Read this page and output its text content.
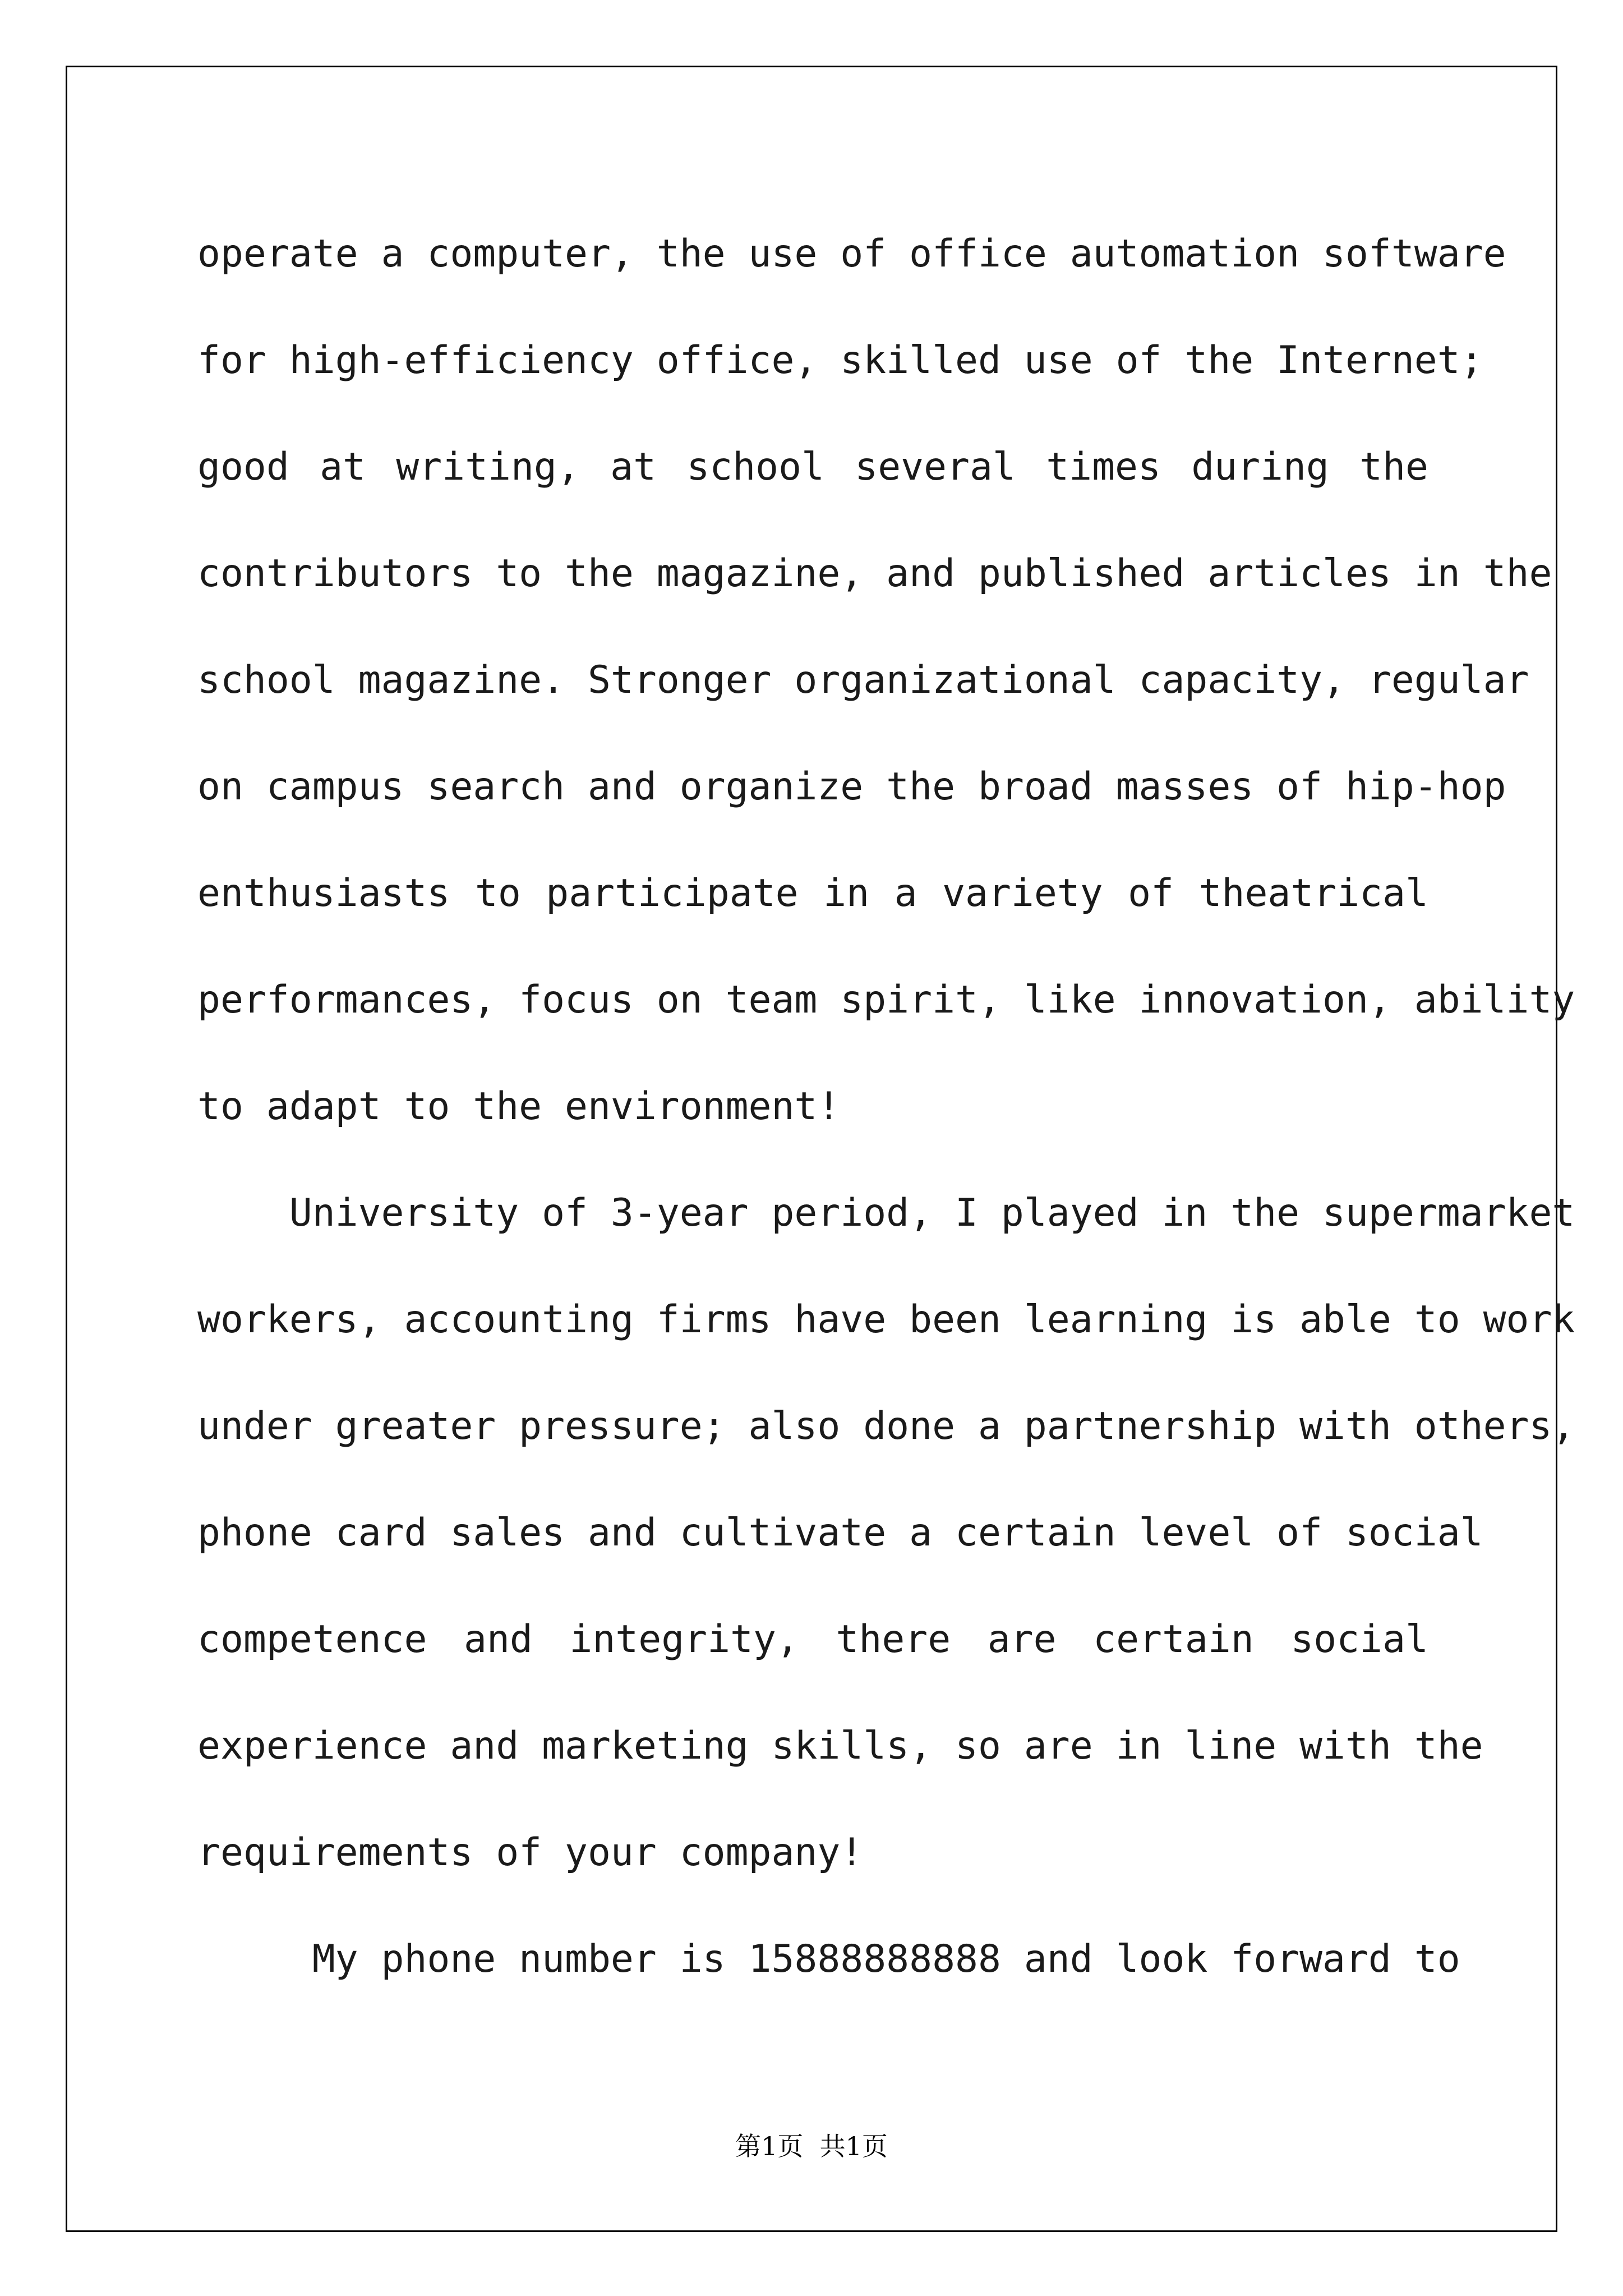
operate a computer, the use of office automation software
for high-efficiency office, skilled use of the Internet;
good at writing, at school several times during the
contributors to the magazine, and published articles in the
school magazine. Stronger organizational capacity, regular
on campus search and organize the broad masses of hip-hop
enthusiasts to participate in a variety of theatrical
performances, focus on team spirit, like innovation, ability
to adapt to the environment!
University of 3-year period, I played in the supermarket
workers, accounting firms have been learning is able to work
under greater pressure; also done a partnership with others,
phone card sales and cultivate a certain level of social
competence and integrity, there are certain social
experience and marketing skills, so are in line with the
requirements of your company!
My phone number is 15888888888 and look forward to
第1页  共1页
